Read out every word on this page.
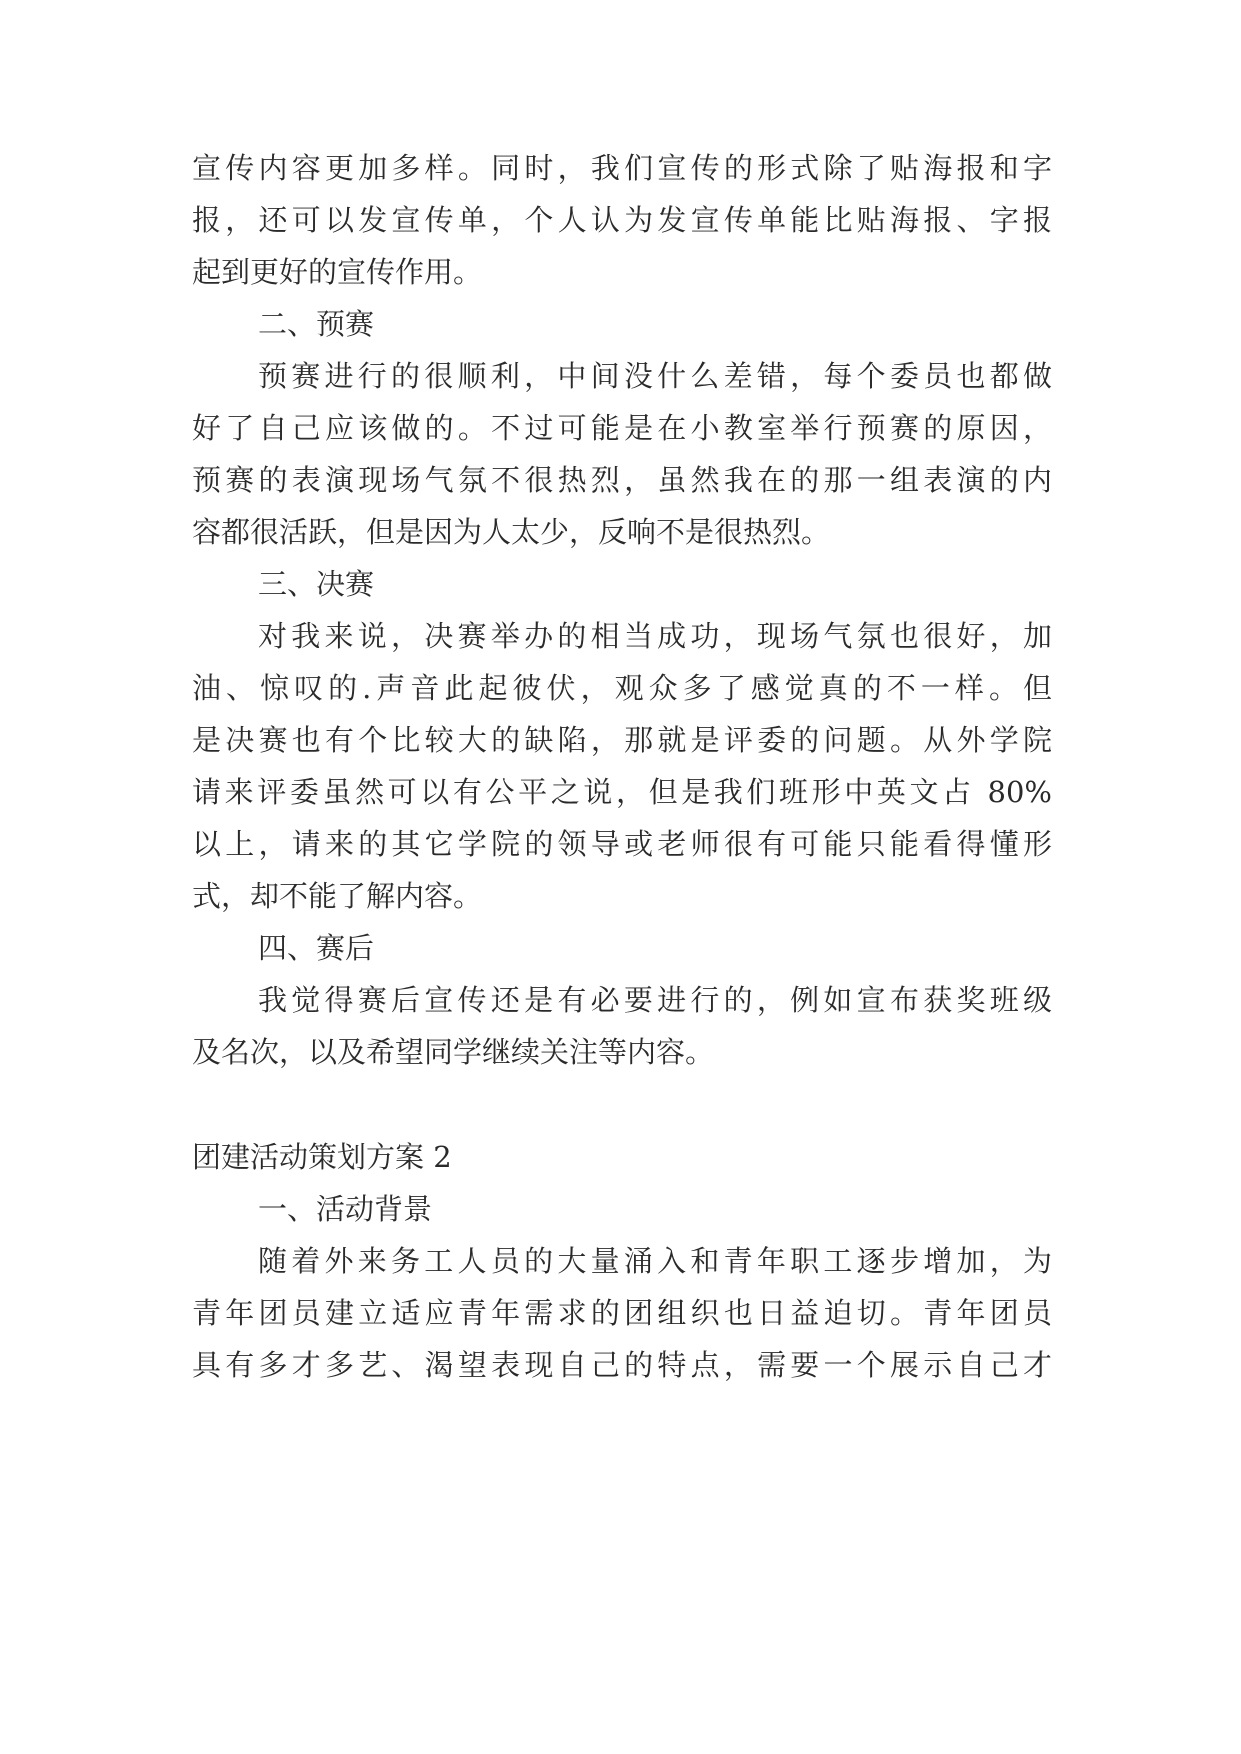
宣传内容更加多样。同时，我们宣传的形式除了贴海报和字
报，还可以发宣传单，个人认为发宣传单能比贴海报、字报
起到更好的宣传作用。
二、预赛
预赛进行的很顺利，中间没什么差错，每个委员也都做
好了自己应该做的。不过可能是在小教室举行预赛的原因，
预赛的表演现场气氛不很热烈，虽然我在的那一组表演的内
容都很活跃，但是因为人太少，反响不是很热烈。
三、决赛
对我来说，决赛举办的相当成功，现场气氛也很好，加
油、惊叹的.声音此起彼伏，观众多了感觉真的不一样。但
是决赛也有个比较大的缺陷，那就是评委的问题。从外学院
请来评委虽然可以有公平之说，但是我们班形中英文占 80%
以上，请来的其它学院的领导或老师很有可能只能看得懂形
式，却不能了解内容。
四、赛后
我觉得赛后宣传还是有必要进行的，例如宣布获奖班级
及名次，以及希望同学继续关注等内容。
团建活动策划方案 2
一、活动背景
随着外来务工人员的大量涌入和青年职工逐步增加，为
青年团员建立适应青年需求的团组织也日益迫切。青年团员
具有多才多艺、渴望表现自己的特点，需要一个展示自己才
